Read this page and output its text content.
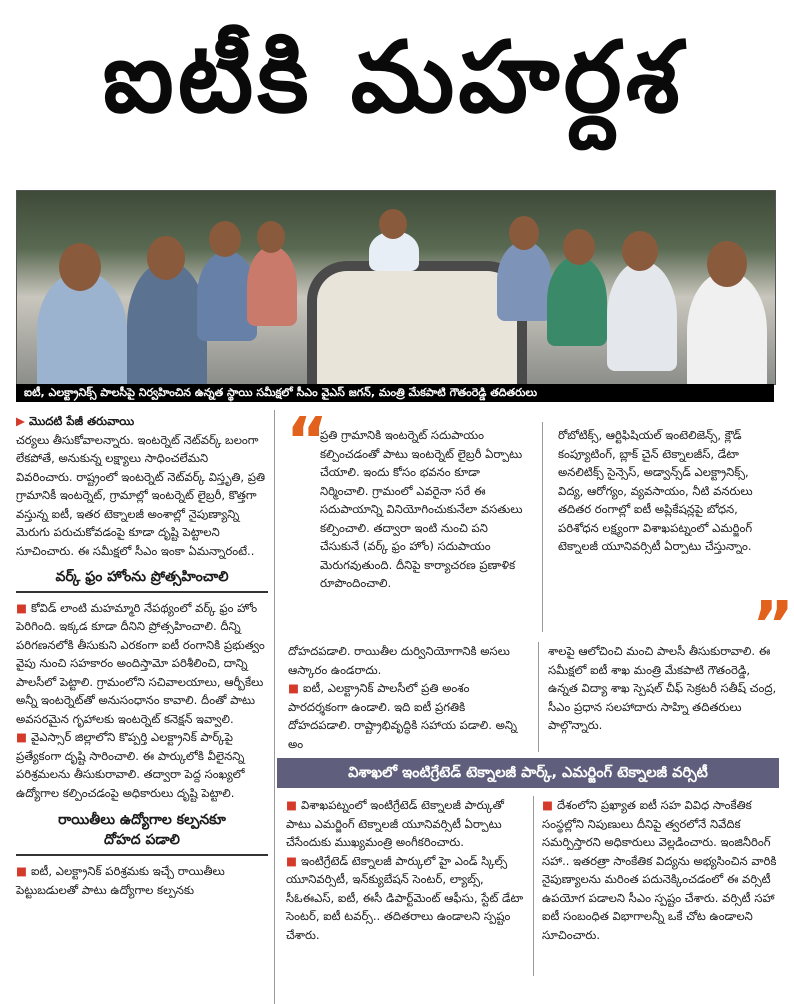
ఐటీకి మహర్దశ
ఐటీ, ఎలక్ట్రానిక్స్ పాలసీపై నిర్వహించిన ఉన్నత స్థాయి సమీక్షలో సీఎం వైఎస్ జగన్, మంత్రి మేకపాటి గౌతంరెడ్డి తదితరులు
▶ మొదటి పేజీ తరువాయి

చర్యలు తీసుకోవాలన్నారు. ఇంటర్నెట్ నెట్‌వర్క్ బలంగా లేకపోతే, అనుకున్న లక్ష్యాలు సాధించలేమని వివరించారు. రాష్ట్రంలో ఇంటర్నెట్ నెట్‌వర్క్ విస్తృతి, ప్రతి గ్రామానికీ ఇంటర్నెట్, గ్రామాల్లో ఇంటర్నెట్ లైబ్రరీ, కొత్తగా వస్తున్న ఐటీ, ఇతర టెక్నాలజీ అంశాల్లో నైపుణ్యాన్ని మెరుగు పరుచుకోవడంపై కూడా దృష్టి పెట్టాలని సూచించారు. ఈ సమీక్షలో సీఎం ఇంకా ఏమన్నారంటే..

వర్క్ ఫ్రం హోంను ప్రోత్సహించాలి

■ కోవిడ్ లాంటి మహమ్మారి నేపథ్యంలో వర్క్ ఫ్రం హోం పెరిగింది. ఇక్కడ కూడా దీనిని ప్రోత్సహించాలి. దీన్ని పరిగణనలోకి తీసుకుని ఎరకంగా ఐటీ రంగానికి ప్రభుత్వం వైపు నుంచి సహకారం అందిస్తామో పరిశీలించి, దాన్ని పాలసీలో పెట్టాలి. గ్రామంలోని సచివాలయాలు, ఆర్బీకేలు అన్నీ ఇంటర్నెట్‌తో అనుసంధానం కావాలి. దీంతో పాటు అవసరమైన గృహాలకు ఇంటర్నెట్ కనెక్షన్ ఇవ్వాలి.

■ వైఎస్సార్ జిల్లాలోని కొప్పర్తి ఎలక్ట్రానిక్ పార్క్‌పై ప్రత్యేకంగా దృష్టి సారించాలి. ఈ పార్కులోకి వీలైనన్ని పరిశ్రమలను తీసుకురావాలి. తద్వారా పెద్ద సంఖ్యలో ఉద్యోగాల కల్పించడంపై అధికారులు దృష్టి పెట్టాలి.

రాయితీలు ఉద్యోగాల కల్పనకూ
దోహద పడాలి

■ ఐటీ, ఎలక్ట్రానిక్ పరిశ్రమకు ఇచ్చే రాయితీలు పెట్టుబడులతో పాటు ఉద్యోగాల కల్పనకు

“
ప్రతి గ్రామానికి ఇంటర్నెట్ సదుపాయం కల్పించడంతో పాటు ఇంటర్నెట్ లైబ్రరీ ఏర్పాటు చేయాలి. ఇందు కోసం భవనం కూడా నిర్మించాలి. గ్రామంలో ఎవరైనా సరే ఈ సదుపాయాన్ని వినియోగించుకునేలా వసతులు కల్పించాలి. తద్వారా ఇంటి నుంచి పని చేసుకునే (వర్క్ ఫ్రం హోం) సదుపాయం మెరుగవుతుంది. దీనిపై కార్యాచరణ ప్రణాళిక రూపొందించాలి.
రోబోటిక్స్, ఆర్టిఫిషియల్ ఇంటెలిజెన్స్, క్లౌడ్ కంప్యూటింగ్, బ్లాక్ చైన్ టెక్నాలజీస్, డేటా అనలిటిక్స్ సైన్సెస్, అడ్వాన్స్‌డ్ ఎలక్ట్రానిక్స్, విద్య, ఆరోగ్యం, వ్యవసాయం, నీటి వనరులు తదితర రంగాల్లో ఐటీ అప్లికేషన్లపై బోధన, పరిశోధన లక్ష్యంగా విశాఖపట్నంలో ఎమర్జింగ్ టెక్నాలజీ యూనివర్సిటీ ఏర్పాటు చేస్తున్నాం.
”

దోహదపడాలి. రాయితీల దుర్వినియోగానికి అసలు ఆస్కారం ఉండరాదు.

■ ఐటీ, ఎలక్ట్రానిక్ పాలసీలో ప్రతి అంశం పారదర్శకంగా ఉండాలి. ఇది ఐటీ ప్రగతికి దోహదపడాలి. రాష్ట్రాభివృద్ధికి సహాయ పడాలి. అన్ని అం

శాలపై ఆలోచించి మంచి పాలసీ తీసుకురావాలి. ఈ సమీక్షలో ఐటీ శాఖ మంత్రి మేకపాటి గౌతంరెడ్డి, ఉన్నత విద్యా శాఖ స్పెషల్ చీఫ్ సెక్రటరీ సతీష్ చంద్ర, సీఎం ప్రధాన సలహాదారు సాహ్ని తదితరులు పాల్గొన్నారు.
విశాఖలో ఇంటిగ్రేటెడ్ టెక్నాలజీ పార్క్, ఎమర్జింగ్ టెక్నాలజీ వర్సిటీ

■ విశాఖపట్నంలో ఇంటిగ్రేటెడ్ టెక్నాలజీ పార్కుతో పాటు ఎమర్జింగ్ టెక్నాలజీ యూనివర్సిటీ ఏర్పాటు చేసేందుకు ముఖ్యమంత్రి అంగీకరించారు.

■ ఇంటిగ్రేటెడ్ టెక్నాలజీ పార్కులో హై ఎండ్ స్కిల్స్ యూనివర్సిటీ, ఇన్‌క్యుబేషన్ సెంటర్, ల్యాబ్స్, సీఓఈఎస్, ఐటీ, ఈసీ డిపార్ట్‌మెంట్ ఆఫీసు, స్టేట్ డేటా సెంటర్, ఐటీ టవర్స్.. తదితరాలు ఉండాలని స్పష్టం చేశారు.

■ దేశంలోని ప్రఖ్యాత ఐటీ సహ వివిధ సాంకేతిక సంస్థల్లోని నిపుణులు దీనిపై త్వరలోనే నివేదిక సమర్పిస్తారని అధికారులు వెల్లడించారు. ఇంజినీరింగ్ సహా.. ఇతరత్రా సాంకేతిక విద్యను అభ్యసించిన వారికి నైపుణ్యాలను మరింత పదునెక్కించడంలో ఈ వర్సిటీ ఉపయోగ పడాలని సీఎం స్పష్టం చేశారు. వర్సిటీ సహా ఐటీ సంబంధిత విభాగాలన్నీ ఒకే చోట ఉండాలని సూచించారు.
